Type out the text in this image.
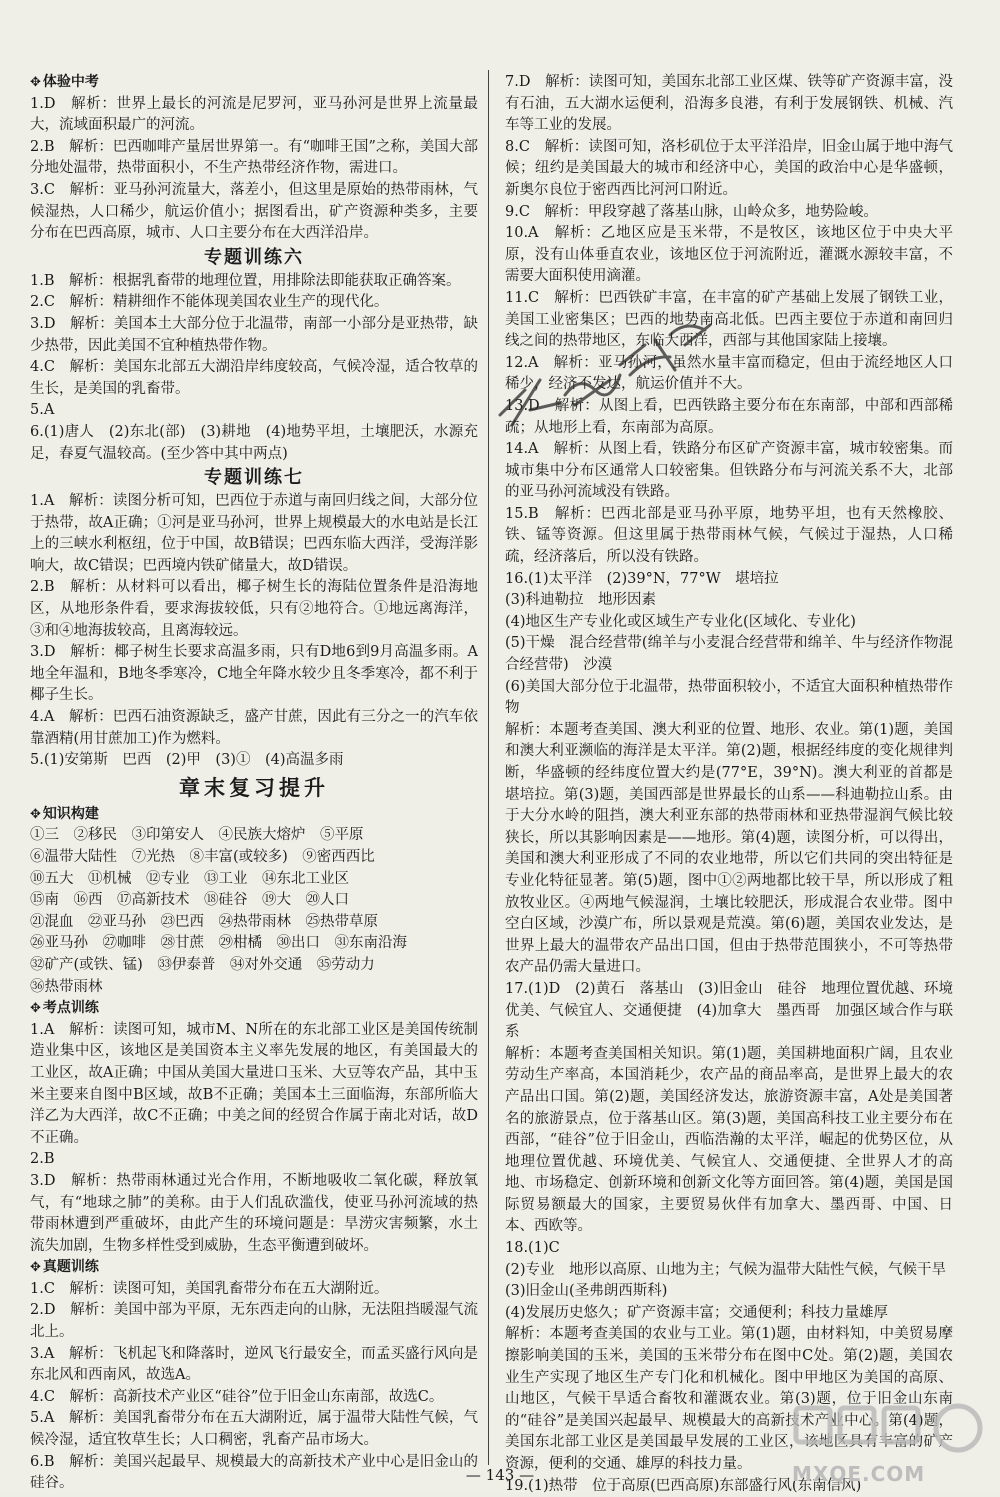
✥ 体验中考
1.D　解析：世界上最长的河流是尼罗河，亚马孙河是世界上流量最大，流域面积最广的河流。
2.B　解析：巴西咖啡产量居世界第一。有“咖啡王国”之称，美国大部分地处温带，热带面积小，不生产热带经济作物，需进口。
3.C　解析：亚马孙河流量大，落差小，但这里是原始的热带雨林，气候湿热，人口稀少，航运价值小；据图看出，矿产资源种类多，主要分布在巴西高原，城市、人口主要分布在大西洋沿岸。
专题训练六
1.B　解析：根据乳畜带的地理位置，用排除法即能获取正确答案。
2.C　解析：精耕细作不能体现美国农业生产的现代化。
3.D　解析：美国本土大部分位于北温带，南部一小部分是亚热带，缺少热带，因此美国不宜种植热带作物。
4.C　解析：美国东北部五大湖沿岸纬度较高，气候冷湿，适合牧草的生长，是美国的乳畜带。
5.A
6.(1)唐人　(2)东北(部)　(3)耕地　(4)地势平坦，土壤肥沃，水源充足，春夏气温较高。(至少答中其中两点)
专题训练七
1.A　解析：读图分析可知，巴西位于赤道与南回归线之间，大部分位于热带，故A正确；①河是亚马孙河，世界上规模最大的水电站是长江上的三峡水利枢纽，位于中国，故B错误；巴西东临大西洋，受海洋影响大，故C错误；巴西境内铁矿储量大，故D错误。
2.B　解析：从材料可以看出，椰子树生长的海陆位置条件是沿海地区，从地形条件看，要求海拔较低，只有②地符合。①地远离海洋，③和④地海拔较高，且离海较远。
3.D　解析：椰子树生长要求高温多雨，只有D地6到9月高温多雨。A地全年温和，B地冬季寒冷，C地全年降水较少且冬季寒冷，都不利于椰子生长。
4.A　解析：巴西石油资源缺乏，盛产甘蔗，因此有三分之一的汽车依靠酒精(用甘蔗加工)作为燃料。
5.(1)安第斯　巴西　(2)甲　(3)①　(4)高温多雨
章末复习提升
✥ 知识构建
①三　②移民　③印第安人　④民族大熔炉　⑤平原
⑥温带大陆性　⑦光热　⑧丰富(或较多)　⑨密西西比
⑩五大　⑪机械　⑫专业　⑬工业　⑭东北工业区
⑮南　⑯西　⑰高新技术　⑱硅谷　⑲大　⑳人口
㉑混血　㉒亚马孙　㉓巴西　㉔热带雨林　㉕热带草原
㉖亚马孙　㉗咖啡　㉘甘蔗　㉙柑橘　㉚出口　㉛东南沿海
㉜矿产(或铁、锰)　㉝伊泰普　㉞对外交通　㉟劳动力
㊱热带雨林
✥ 考点训练
1.A　解析：读图可知，城市M、N所在的东北部工业区是美国传统制造业集中区，该地区是美国资本主义率先发展的地区，有美国最大的工业区，故A正确；中国从美国大量进口玉米、大豆等农产品，其中玉米主要来自图中B区域，故B不正确；美国本土三面临海，东部所临大洋乙为大西洋，故C不正确；中美之间的经贸合作属于南北对话，故D不正确。
2.B
3.D　解析：热带雨林通过光合作用，不断地吸收二氧化碳，释放氧气，有“地球之肺”的美称。由于人们乱砍滥伐，使亚马孙河流域的热带雨林遭到严重破坏，由此产生的环境问题是：旱涝灾害频繁，水土流失加剧，生物多样性受到威胁，生态平衡遭到破坏。
✥ 真题训练
1.C　解析：读图可知，美国乳畜带分布在五大湖附近。
2.D　解析：美国中部为平原，无东西走向的山脉，无法阻挡暖湿气流北上。
3.A　解析：飞机起飞和降落时，逆风飞行最安全，而孟买盛行风向是东北风和西南风，故选A。
4.C　解析：高新技术产业区“硅谷”位于旧金山东南部，故选C。
5.A　解析：美国乳畜带分布在五大湖附近，属于温带大陆性气候，气候冷湿，适宜牧草生长；人口稠密，乳畜产品市场大。
6.B　解析：美国兴起最早、规模最大的高新技术产业中心是旧金山的硅谷。
7.D　解析：读图可知，美国东北部工业区煤、铁等矿产资源丰富，没有石油，五大湖水运便利，沿海多良港，有利于发展钢铁、机械、汽车等工业的发展。
8.C　解析：读图可知，洛杉矶位于太平洋沿岸，旧金山属于地中海气候；纽约是美国最大的城市和经济中心，美国的政治中心是华盛顿，新奥尔良位于密西西比河河口附近。
9.C　解析：甲段穿越了落基山脉，山岭众多，地势险峻。
10.A　解析：乙地区应是玉米带，不是牧区，该地区位于中央大平原，没有山体垂直农业，该地区位于河流附近，灌溉水源较丰富，不需要大面积使用滴灌。
11.C　解析：巴西铁矿丰富，在丰富的矿产基础上发展了钢铁工业，美国工业密集区；巴西的地势南高北低。巴西主要位于赤道和南回归线之间的热带地区，东临大西洋，西部与其他国家陆上接壤。
12.A　解析：亚马孙河，虽然水量丰富而稳定，但由于流经地区人口稀少，经济不发达，航运价值并不大。
13.D　解析：从图上看，巴西铁路主要分布在东南部，中部和西部稀疏；从地形上看，东南部为高原。
14.A　解析：从图上看，铁路分布区矿产资源丰富，城市较密集。而城市集中分布区通常人口较密集。但铁路分布与河流关系不大，北部的亚马孙河流域没有铁路。
15.B　解析：巴西北部是亚马孙平原，地势平坦，也有天然橡胶、铁、锰等资源。但这里属于热带雨林气候，气候过于湿热，人口稀疏，经济落后，所以没有铁路。
16.(1)太平洋　(2)39°N，77°W　堪培拉
(3)科迪勒拉　地形因素
(4)地区生产专业化或区域生产专业化(区域化、专业化)
(5)干燥　混合经营带(绵羊与小麦混合经营带和绵羊、牛与经济作物混合经营带)　沙漠
(6)美国大部分位于北温带，热带面积较小，不适宜大面积种植热带作物
解析：本题考查美国、澳大利亚的位置、地形、农业。第(1)题，美国和澳大利亚濒临的海洋是太平洋。第(2)题，根据经纬度的变化规律判断，华盛顿的经纬度位置大约是(77°E，39°N)。澳大利亚的首都是堪培拉。第(3)题，美国西部是世界最长的山系——科迪勒拉山系。由于大分水岭的阻挡，澳大利亚东部的热带雨林和亚热带湿润气候比较狭长，所以其影响因素是——地形。第(4)题，读图分析，可以得出，美国和澳大利亚形成了不同的农业地带，所以它们共同的突出特征是专业化特征显著。第(5)题，图中①②两地都比较干旱，所以形成了粗放牧业区。④两地气候湿润，土壤比较肥沃，形成混合农业带。图中空白区域，沙漠广布，所以景观是荒漠。第(6)题，美国农业发达，是世界上最大的温带农产品出口国，但由于热带范围狭小，不可等热带农产品仍需大量进口。
17.(1)D　(2)黄石　落基山　(3)旧金山　硅谷　地理位置优越、环境优美、气候宜人、交通便捷　(4)加拿大　墨西哥　加强区域合作与联系
解析：本题考查美国相关知识。第(1)题，美国耕地面积广阔，且农业劳动生产率高，本国消耗少，农产品的商品率高，是世界上最大的农产品出口国。第(2)题，美国经济发达，旅游资源丰富，A处是美国著名的旅游景点，位于落基山区。第(3)题，美国高科技工业主要分布在西部，“硅谷”位于旧金山，西临浩瀚的太平洋，崛起的优势区位，从地理位置优越、环境优美、气候宜人、交通便捷、全世界人才的高地、市场稳定、创新环境和创新文化等方面回答。第(4)题，美国是国际贸易额最大的国家，主要贸易伙伴有加拿大、墨西哥、中国、日本、西欧等。
18.(1)C
(2)专业　地形以高原、山地为主；气候为温带大陆性气候，气候干旱
(3)旧金山(圣弗朗西斯科)
(4)发展历史悠久；矿产资源丰富；交通便利；科技力量雄厚
解析：本题考查美国的农业与工业。第(1)题，由材料知，中美贸易摩擦影响美国的玉米，美国的玉米带分布在图中C处。第(2)题，美国农业生产实现了地区生产专门化和机械化。图中甲地区为美国的高原、山地区，气候干旱适合畜牧和灌溉农业。第(3)题，位于旧金山东南的“硅谷”是美国兴起最早、规模最大的高新技术产业中心。第(4)题，美国东北部工业区是美国最早发展的工业区，该地区具有丰富的矿产资源，便利的交通、雄厚的科技力量。
19.(1)热带　位于高原(巴西高原)东部盛行风(东南信风)
MXQE.COM
— 143 —
